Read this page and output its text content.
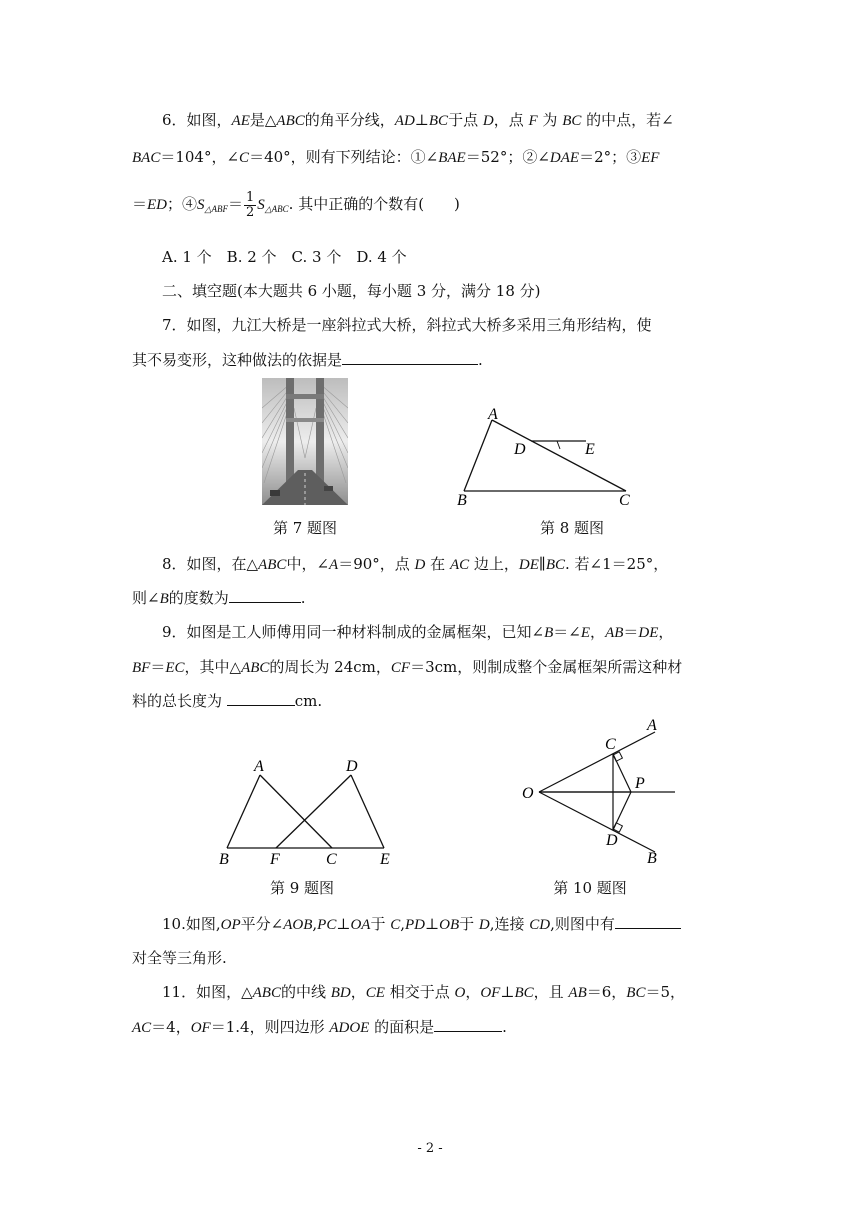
6．如图，AE是△ABC的角平分线，AD⊥BC于点 D，点 F 为 BC 的中点，若∠
BAC＝104°，∠C＝40°，则有下列结论：①∠BAE＝52°；②∠DAE＝2°；③EF
＝ED；$④S_{\triangle ABF}= \frac{1}{2} S_{\triangle ABC}$. 其中正确的个数有(　　)
A. 1 个　B. 2 个　C. 3 个　D. 4 个
二、填空题(本大题共 6 小题，每小题 3 分，满分 18 分)
7．如图，九江大桥是一座斜拉式大桥，斜拉式大桥多采用三角形结构，使
其不易变形，这种做法的依据是	.
A
D	E
B	C
第 7 题图	第 8 题图
8．如图，在△ABC中，∠A＝90°，点 D 在 AC 边上，DE∥BC. 若∠1＝25°，
则∠B的度数为	.
9．如图是工人师傅用同一种材料制成的金属框架，已知∠B＝∠E，AB＝DE，
BF＝EC，其中△ABC的周长为 24cm，CF＝3cm，则制成整个金属框架所需这种材
料的总长度为	cm.
A	D
B	F	C	E
A
C
O
P
D
B
第 9 题图	第 10 题图
10.如图,OP平分∠AOB,PC⊥OA于 C,PD⊥OB于 D,连接 CD,则图中有
对全等三角形.
11．如图，△ABC的中线 BD，CE 相交于点 O，OF⊥BC，且 AB＝6，BC＝5，
AC＝4，OF＝1.4，则四边形 ADOE 的面积是	.
- 2 -
